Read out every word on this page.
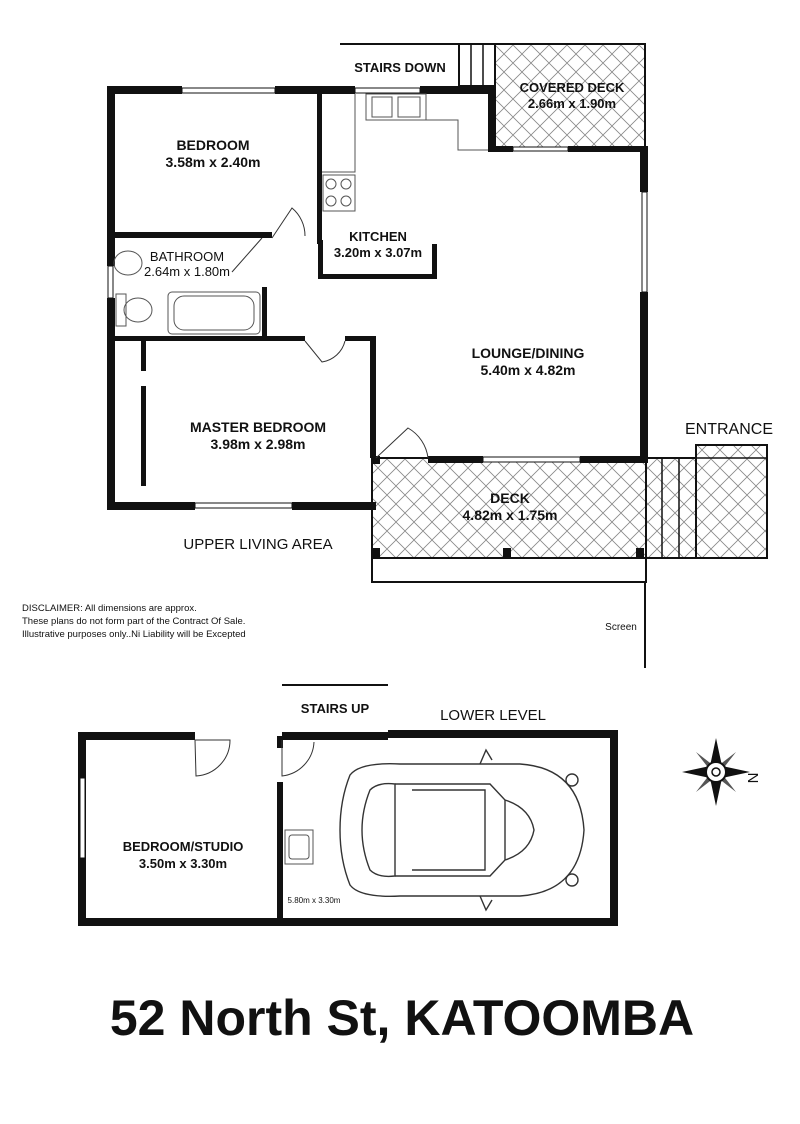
STAIRS DOWN
COVERED DECK
2.66m x 1.90m
BEDROOM
3.58m x 2.40m
KITCHEN
3.20m x 3.07m
BATHROOM
2.64m x 1.80m
LOUNGE/DINING
5.40m x 4.82m
MASTER BEDROOM
3.98m x 2.98m
DECK
4.82m x 1.75m
ENTRANCE
UPPER LIVING AREA
Screen
DISCLAIMER: All dimensions are approx.
These plans do not form part of the Contract Of Sale.
Illustrative purposes only..Ni Liability will be Excepted
STAIRS UP	LOWER LEVEL
BEDROOM/STUDIO
3.50m x 3.30m
5.80m x 3.30m
N
52 North St, KATOOMBA
